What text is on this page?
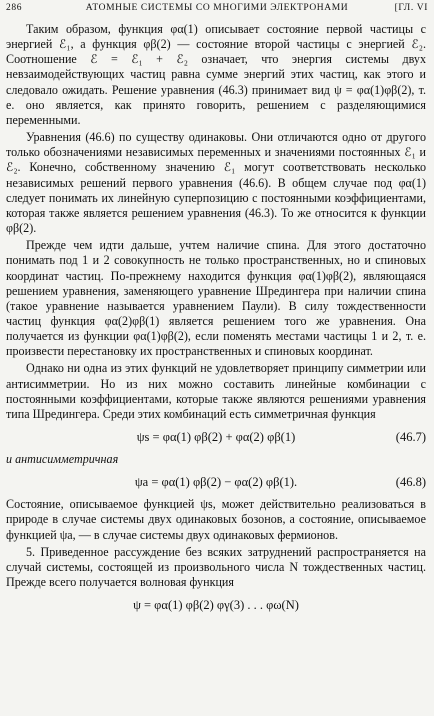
286	АТОМНЫЕ СИСТЕМЫ СО МНОГИМИ ЭЛЕКТРОНАМИ	[ГЛ. VI

Таким образом, функция φα(1) описывает состояние первой частицы с энергией ℰ₁, а функция φβ(2) — состояние второй частицы с энергией ℰ₂. Соотношение ℰ = ℰ₁ + ℰ₂ означает, что энергия системы двух невзаимодействующих частиц равна сумме энергий этих частиц, как этого и следовало ожидать. Решение уравнения (46.3) принимает вид ψ = φα(1)φβ(2), т. е. оно является, как принято говорить, решением с разделяющимися переменными.

Уравнения (46.6) по существу одинаковы. Они отличаются одно от другого только обозначениями независимых переменных и значениями постоянных ℰ₁ и ℰ₂. Конечно, собственному значению ℰ₁ могут соответствовать несколько независимых решений первого уравнения (46.6). В общем случае под φα(1) следует понимать их линейную суперпозицию с постоянными коэффициентами, которая также является решением уравнения (46.3). То же относится к функции φβ(2).

Прежде чем идти дальше, учтем наличие спина. Для этого достаточно понимать под 1 и 2 совокупность не только пространственных, но и спиновых координат частиц. По-прежнему находится функция φα(1)φβ(2), являющаяся решением уравнения, заменяющего уравнение Шредингера при наличии спина (такое уравнение называется уравнением Паули). В силу тождественности частиц функция φα(2)φβ(1) является решением того же уравнения. Она получается из функции φα(1)φβ(2), если поменять местами частицы 1 и 2, т. е. произвести перестановку их пространственных и спиновых координат.

Однако ни одна из этих функций не удовлетворяет принципу симметрии или антисимметрии. Но из них можно составить линейные комбинации с постоянными коэффициентами, которые также являются решениями уравнения типа Шредингера. Среди этих комбинаций есть симметричная функция

ψs = φα(1) φβ(2) + φα(2) φβ(1)	(46.7)

и антисимметричная

ψa = φα(1) φβ(2) − φα(2) φβ(1).	(46.8)

Состояние, описываемое функцией ψs, может действительно реализоваться в природе в случае системы двух одинаковых бозонов, а состояние, описываемое функцией ψa, — в случае системы двух одинаковых фермионов.

5. Приведенное рассуждение без всяких затруднений распространяется на случай системы, состоящей из произвольного числа N тождественных частиц. Прежде всего получается волновая функция

ψ = φα(1) φβ(2) φγ(3) . . . φω(N)
